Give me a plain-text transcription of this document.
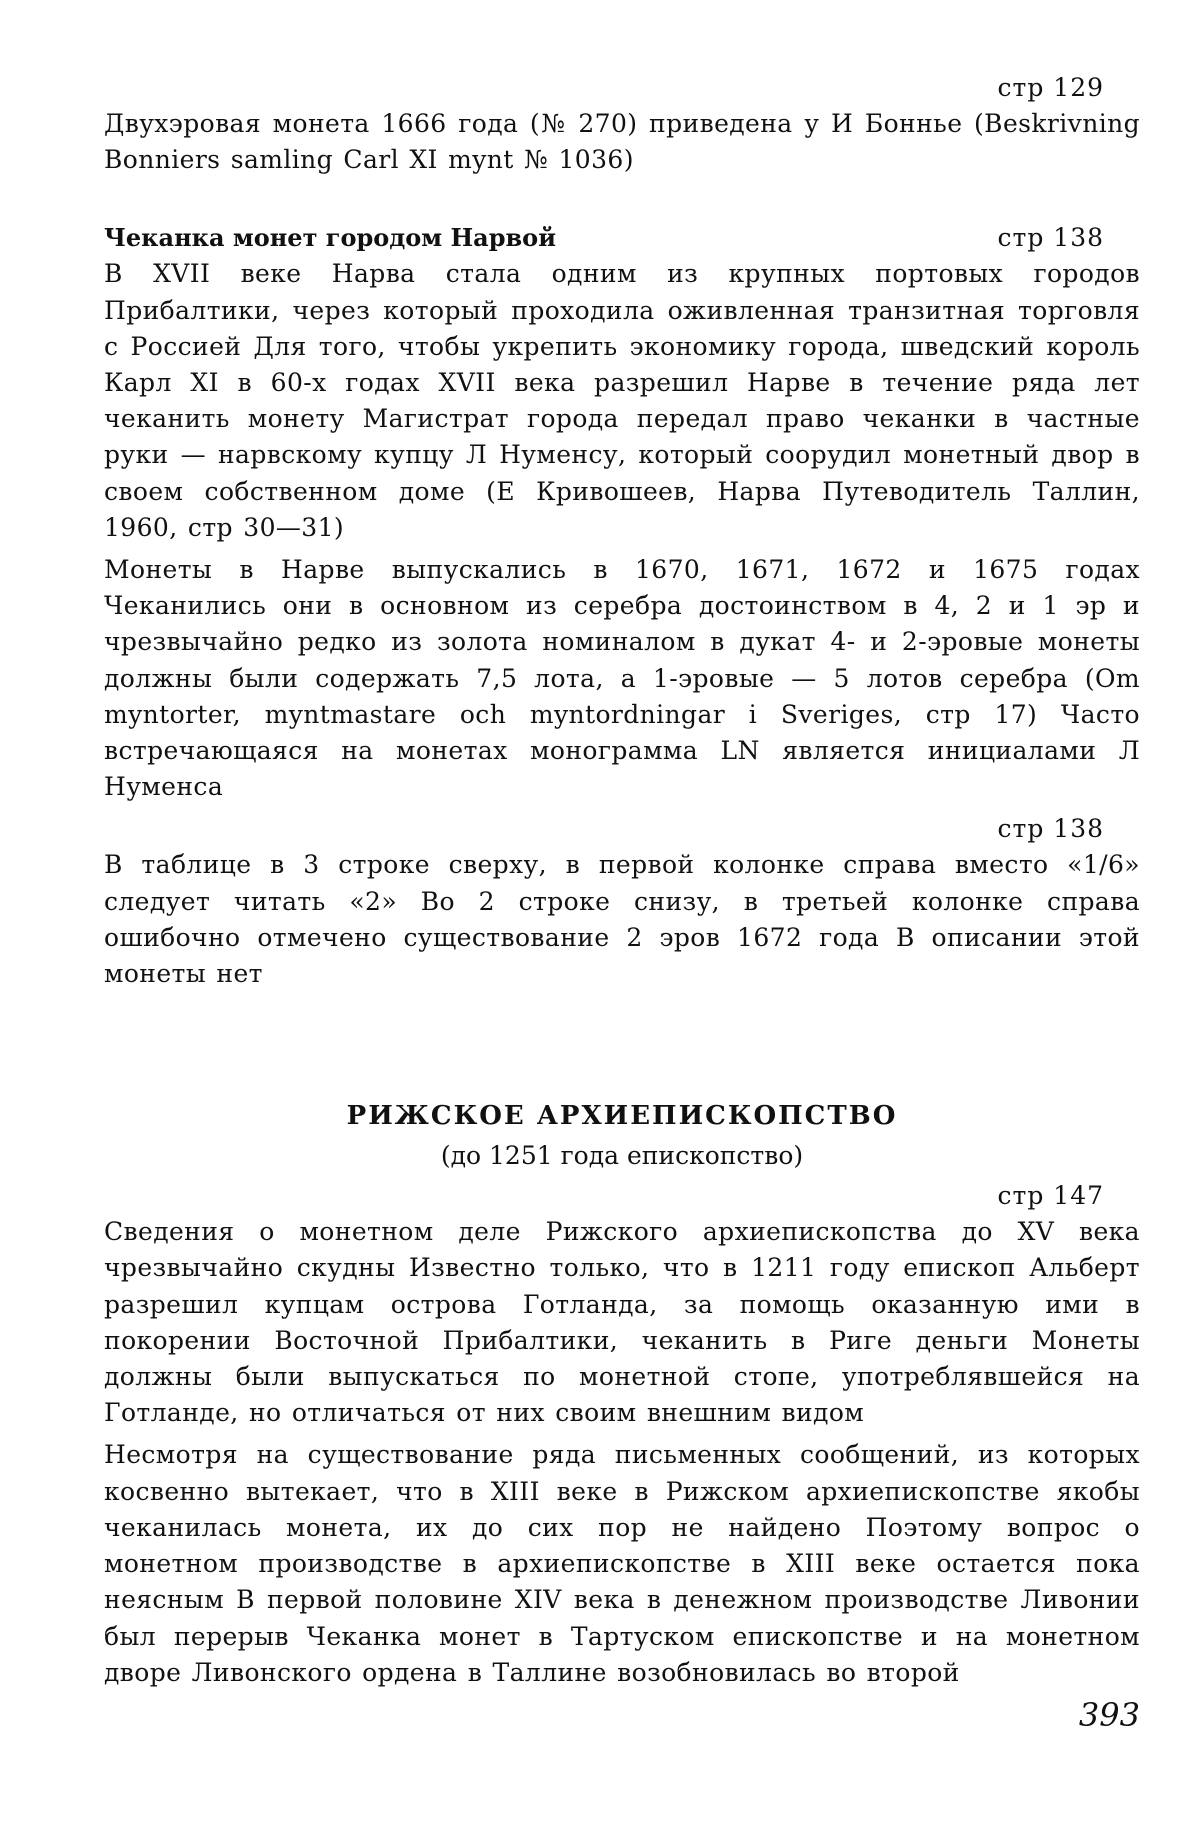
стр 129

Двухэровая монета 1666 года (№ 270) приведена у И Бонньe (Beskrivning Bonniers samling Carl XI mynt № 1036)

Чеканка монет городом Нарвой	стр 138

В XVII веке Нарва стала одним из крупных портовых городов Прибалтики, через который проходила оживленная транзитная торговля с Россией Для того, чтобы укрепить экономику города, шведский король Карл XI в 60-х годах XVII века разрешил Нарве в течение ряда лет чеканить монету Магистрат города передал право чеканки в частные руки — нарвскому купцу Л Нуменсу, который соорудил монетный двор в своем собственном доме (Е Кривошеев, Нарва Путеводитель Таллин, 1960, стр 30—31)

Монеты в Нарве выпускались в 1670, 1671, 1672 и 1675 годах Чеканились они в основном из серебра достоинством в 4, 2 и 1 эр и чрезвычайно редко из золота номиналом в дукат 4- и 2-эровые монеты должны были содержать 7,5 лота, а 1-эровые — 5 лотов серебра (Om myntorter, myntmastare och myntordningar i Sveriges, стр 17) Часто встречающаяся на монетах монограмма LN является инициалами Л Нуменса

стр 138

В таблице в 3 строке сверху, в первой колонке справа вместо «1/6» следует читать «2» Во 2 строке снизу, в третьей колонке справа ошибочно отмечено существование 2 эров 1672 года В описании этой монеты нет

РИЖСКОЕ АРХИЕПИСКОПСТВО
(до 1251 года епископство)
стр 147

Сведения о монетном деле Рижского архиепископства до XV века чрезвычайно скудны Известно только, что в 1211 году епископ Альберт разрешил купцам острова Готланда, за помощь оказанную ими в покорении Восточной Прибалтики, чеканить в Риге деньги Монеты должны были выпускаться по монетной стопе, употреблявшейся на Готланде, но отличаться от них своим внешним видом

Несмотря на существование ряда письменных сообщений, из которых косвенно вытекает, что в XIII веке в Рижском архиепископстве якобы чеканилась монета, их до сих пор не найдено Поэтому вопрос о монетном производстве в архиепископстве в XIII веке остается пока неясным В первой половине XIV века в денежном производстве Ливонии был перерыв Чеканка монет в Тартуском епископстве и на монетном дворе Ливонского ордена в Таллине возобновилась во второй

393
